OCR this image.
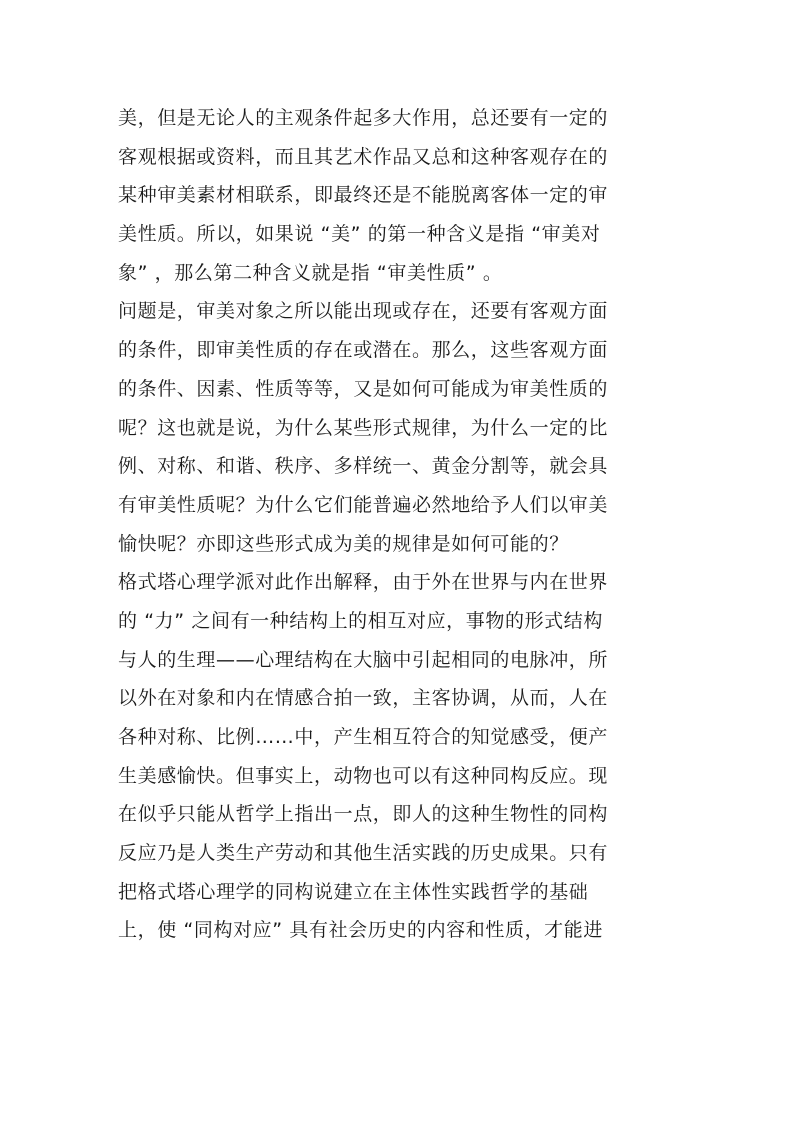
美，但是无论人的主观条件起多大作用，总还要有一定的
客观根据或资料，而且其艺术作品又总和这种客观存在的
某种审美素材相联系，即最终还是不能脱离客体一定的审
美性质。所以，如果说 “美” 的第一种含义是指 “审美对
象” ，那么第二种含义就是指 “审美性质” 。
问题是，审美对象之所以能出现或存在，还要有客观方面
的条件，即审美性质的存在或潜在。那么，这些客观方面
的条件、因素、性质等等，又是如何可能成为审美性质的
呢？这也就是说，为什么某些形式规律，为什么一定的比
例、对称、和谐、秩序、多样统一、黄金分割等，就会具
有审美性质呢？为什么它们能普遍必然地给予人们以审美
愉快呢？亦即这些形式成为美的规律是如何可能的？
格式塔心理学派对此作出解释，由于外在世界与内在世界
的 “力” 之间有一种结构上的相互对应，事物的形式结构
与人的生理——心理结构在大脑中引起相同的电脉冲，所
以外在对象和内在情感合拍一致，主客协调，从而，人在
各种对称、比例……中，产生相互符合的知觉感受，便产
生美感愉快。但事实上，动物也可以有这种同构反应。现
在似乎只能从哲学上指出一点，即人的这种生物性的同构
反应乃是人类生产劳动和其他生活实践的历史成果。只有
把格式塔心理学的同构说建立在主体性实践哲学的基础
上，使 “同构对应” 具有社会历史的内容和性质，才能进
